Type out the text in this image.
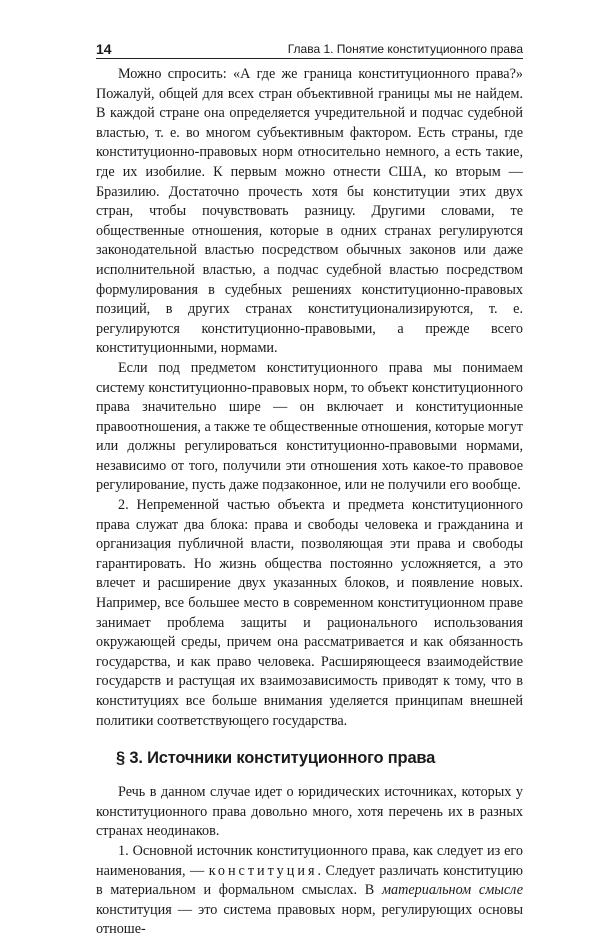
14	Глава 1. Понятие конституционного права

Можно спросить: «А где же граница конституционного права?» Пожалуй, общей для всех стран объективной границы мы не найдем. В каждой стране она определяется учредительной и подчас судебной властью, т. е. во многом субъективным фактором. Есть страны, где конституционно-правовых норм относительно немного, а есть такие, где их изобилие. К первым можно отнести США, ко вторым — Бразилию. Достаточно прочесть хотя бы конституции этих двух стран, чтобы почувствовать разницу. Другими словами, те общественные отношения, которые в одних странах регулируются законодательной властью посредством обычных законов или даже исполнительной властью, а подчас судебной властью посредством формулирования в судебных решениях конституционно-правовых позиций, в других странах конституционализируются, т. е. регулируются конституционно-правовыми, а прежде всего конституционными, нормами.

Если под предметом конституционного права мы понимаем систему конституционно-правовых норм, то объект конституционного права значительно шире — он включает и конституционные правоотношения, а также те общественные отношения, которые могут или должны регулироваться конституционно-правовыми нормами, независимо от того, получили эти отношения хоть какое-то правовое регулирование, пусть даже подзаконное, или не получили его вообще.

2. Непременной частью объекта и предмета конституционного права служат два блока: права и свободы человека и гражданина и организация публичной власти, позволяющая эти права и свободы гарантировать. Но жизнь общества постоянно усложняется, а это влечет и расширение двух указанных блоков, и появление новых. Например, все большее место в современном конституционном праве занимает проблема защиты и рационального использования окружающей среды, причем она рассматривается и как обязанность государства, и как право человека. Расширяющееся взаимодействие государств и растущая их взаимозависимость приводят к тому, что в конституциях все больше внимания уделяется принципам внешней политики соответствующего государства.

§ 3. Источники конституционного права

Речь в данном случае идет о юридических источниках, которых у конституционного права довольно много, хотя перечень их в разных странах неодинаков.

1. Основной источник конституционного права, как следует из его наименования, — конституция. Следует различать конституцию в материальном и формальном смыслах. В материальном смысле конституция — это система правовых норм, регулирующих основы отноше-
